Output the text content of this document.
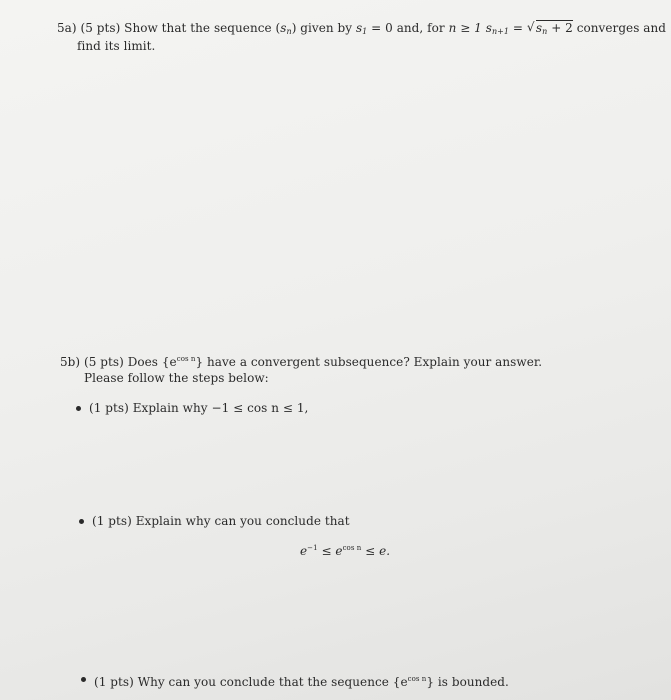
5a) (5 pts) Show that the sequence $(s_n)$ given by $s_1 = 0$ and, for n ≥ 1 $s_{n+1}$ = √ $s_n + 2$ converges and
find its limit.
5b) (5 pts) Does $\{e^{cos n}\}$ have a convergent subsequence? Explain your answer.
Please follow the steps below:
(1 pts) Explain why −1 ≤ cos n ≤ 1,
(1 pts) Explain why can you conclude that
$e^{-1} \le e^{cos n} \le e$.
(1 pts) Why can you conclude that the sequence $\{e^{cos n}\}$ is bounded.
